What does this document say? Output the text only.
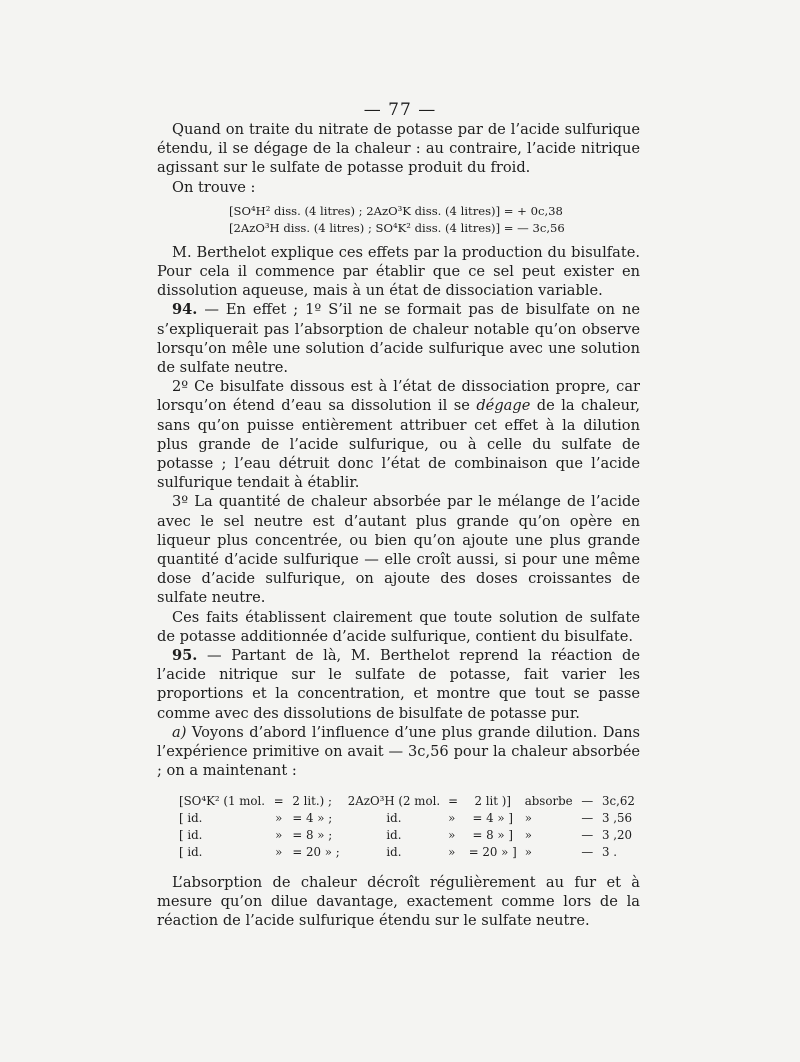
— 77 —

Quand on traite du nitrate de potasse par de l’acide sulfurique étendu, il se dégage de la chaleur : au contraire, l’acide nitrique agissant sur le sulfate de potasse produit du froid.

On trouve :

[SO⁴H² diss. (4 litres) ; 2AzO³K diss. (4 litres)] = + 0c,38
[2AzO³H diss. (4 litres) ; SO⁴K² diss. (4 litres)] = — 3c,56

M. Berthelot explique ces effets par la production du bisulfate. Pour cela il commence par établir que ce sel peut exister en dissolution aqueuse, mais à un état de dissociation variable.

94. — En effet ; 1º S’il ne se formait pas de bisulfate on ne s’expliquerait pas l’absorption de chaleur notable qu’on observe lorsqu’on mêle une solution d’acide sulfurique avec une solution de sulfate neutre.

2º Ce bisulfate dissous est à l’état de dissociation propre, car lorsqu’on étend d’eau sa dissolution il se dégage de la chaleur, sans qu’on puisse entièrement attribuer cet effet à la dilution plus grande de l’acide sulfurique, ou à celle du sulfate de potasse ; l’eau détruit donc l’état de combinaison que l’acide sulfurique tendait à établir.

3º La quantité de chaleur absorbée par le mélange de l’acide avec le sel neutre est d’autant plus grande qu’on opère en liqueur plus concentrée, ou bien qu’on ajoute une plus grande quantité d’acide sulfurique — elle croît aussi, si pour une même dose d’acide sulfurique, on ajoute des doses croissantes de sulfate neutre.

Ces faits établissent clairement que toute solution de sulfate de potasse additionnée d’acide sulfurique, contient du bisulfate.

95. — Partant de là, M. Berthelot reprend la réaction de l’acide nitrique sur le sulfate de potasse, fait varier les proportions et la concentration, et montre que tout se passe comme avec des dissolutions de bisulfate de potasse pur.

a) Voyons d’abord l’influence d’une plus grande dilution. Dans l’expérience primitive on avait — 3c,56 pour la chaleur absorbée ; on a maintenant :

[SO⁴K² (1 mol.	=	2 lit.) ;	2AzO³H (2 mol.	=	2 lit )]	absorbe	—	3c,62
[ id.	»	= 4 » ;	id.	»	= 4 » ]	»	—	3 ,56
[ id.	»	= 8 » ;	id.	»	= 8 » ]	»	—	3 ,20
[ id.	»	= 20 » ;	id.	»	= 20 » ]	»	—	3 .

L’absorption de chaleur décroît régulièrement au fur et à mesure qu’on dilue davantage, exactement comme lors de la réaction de l’acide sulfurique étendu sur le sulfate neutre.
